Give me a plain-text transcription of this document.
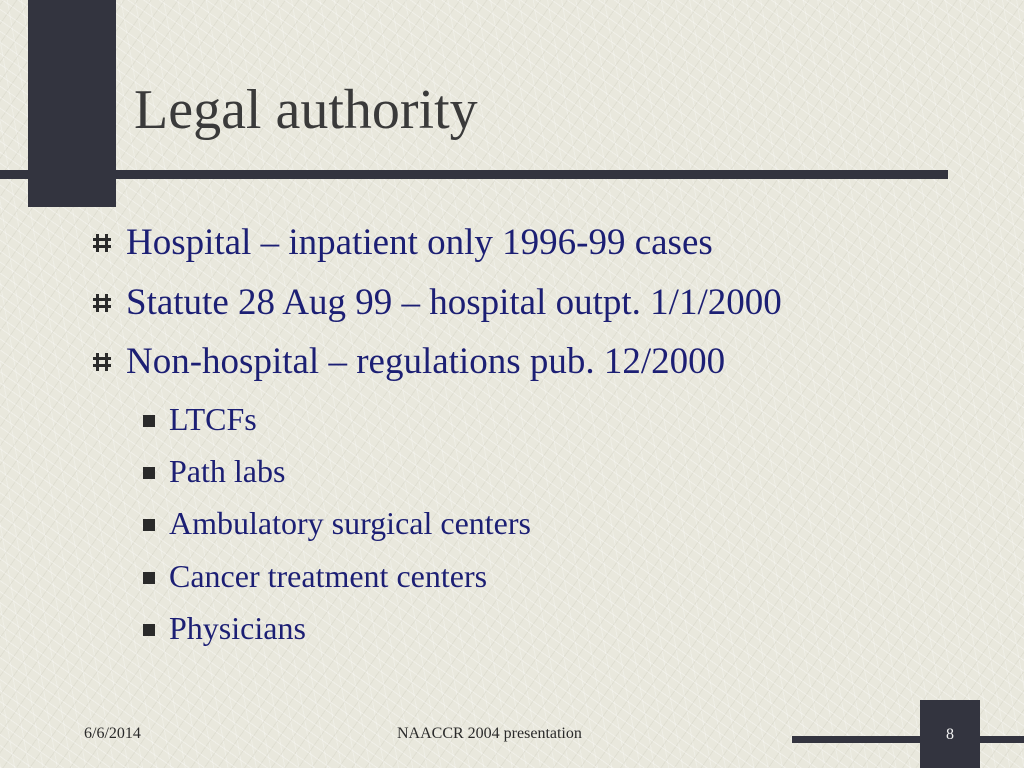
Legal authority
Hospital – inpatient only 1996-99 cases
Statute 28 Aug 99 – hospital outpt. 1/1/2000
Non-hospital – regulations pub. 12/2000
LTCFs
Path labs
Ambulatory surgical centers
Cancer treatment centers
Physicians
6/6/2014	NAACCR 2004 presentation	8
